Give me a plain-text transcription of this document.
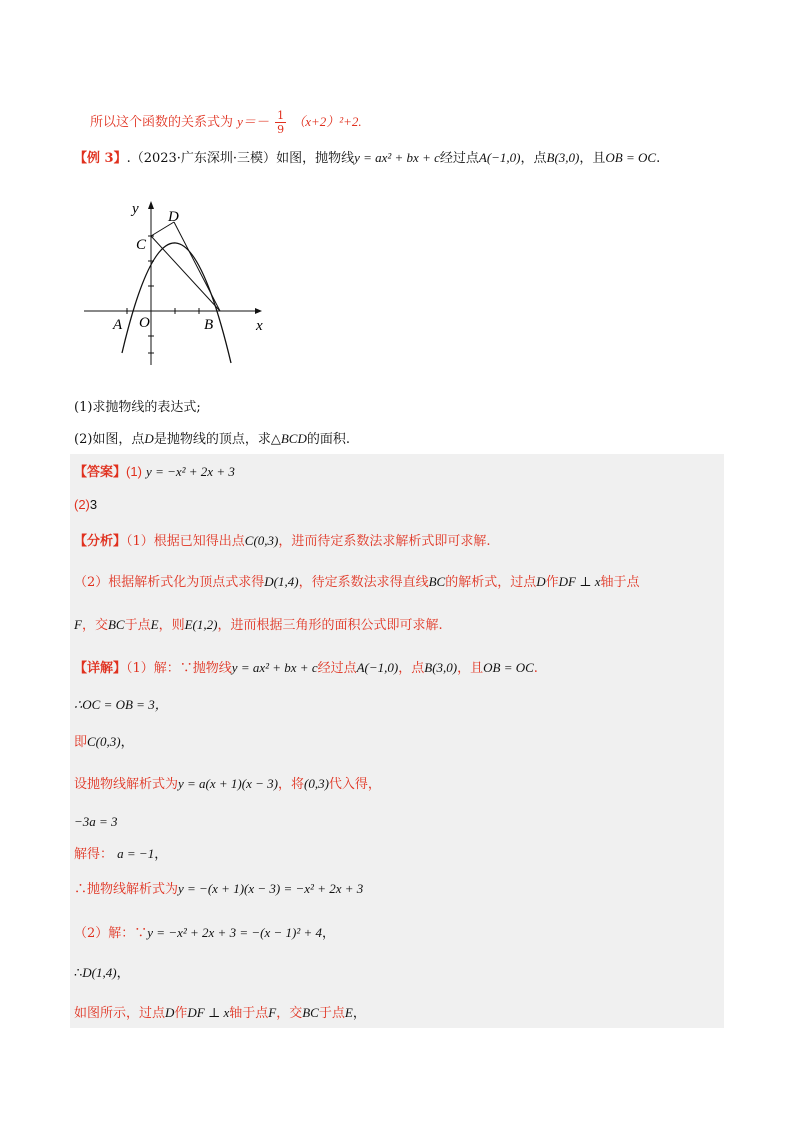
所以这个函数的关系式为 $y=- \frac{1}{9} (x+2)^2+2$.
【例 3】.（2023·广东深圳·三模）如图，抛物线y = ax² + bx + c经过点A(−1,0)，点B(3,0)，且OB = OC.
y
x
D
C
A O	B
(1)求抛物线的表达式;
(2)如图，点D是抛物线的顶点，求△BCD的面积.
【答案】(1) y = −x² + 2x + 3
(2)3
【分析】（1）根据已知得出点C(0,3)，进而待定系数法求解析式即可求解.
（2）根据解析式化为顶点式求得D(1,4)，待定系数法求得直线BC的解析式，过点D作DF ⊥ x轴于点
F，交BC于点E，则E(1,2)，进而根据三角形的面积公式即可求解.
【详解】（1）解：∵抛物线y = ax² + bx + c经过点A(−1,0)，点B(3,0)，且OB = OC.
∴OC = OB = 3，
即C(0,3)，
设抛物线解析式为y = a(x + 1)(x − 3)，将(0,3)代入得，
−3a = 3
解得： a = −1，
∴抛物线解析式为y = −(x + 1)(x − 3) = −x² + 2x + 3
（2）解：∵y = −x² + 2x + 3 = −(x − 1)² + 4，
∴D(1,4)，
如图所示，过点D作DF ⊥ x轴于点F，交BC于点E，
